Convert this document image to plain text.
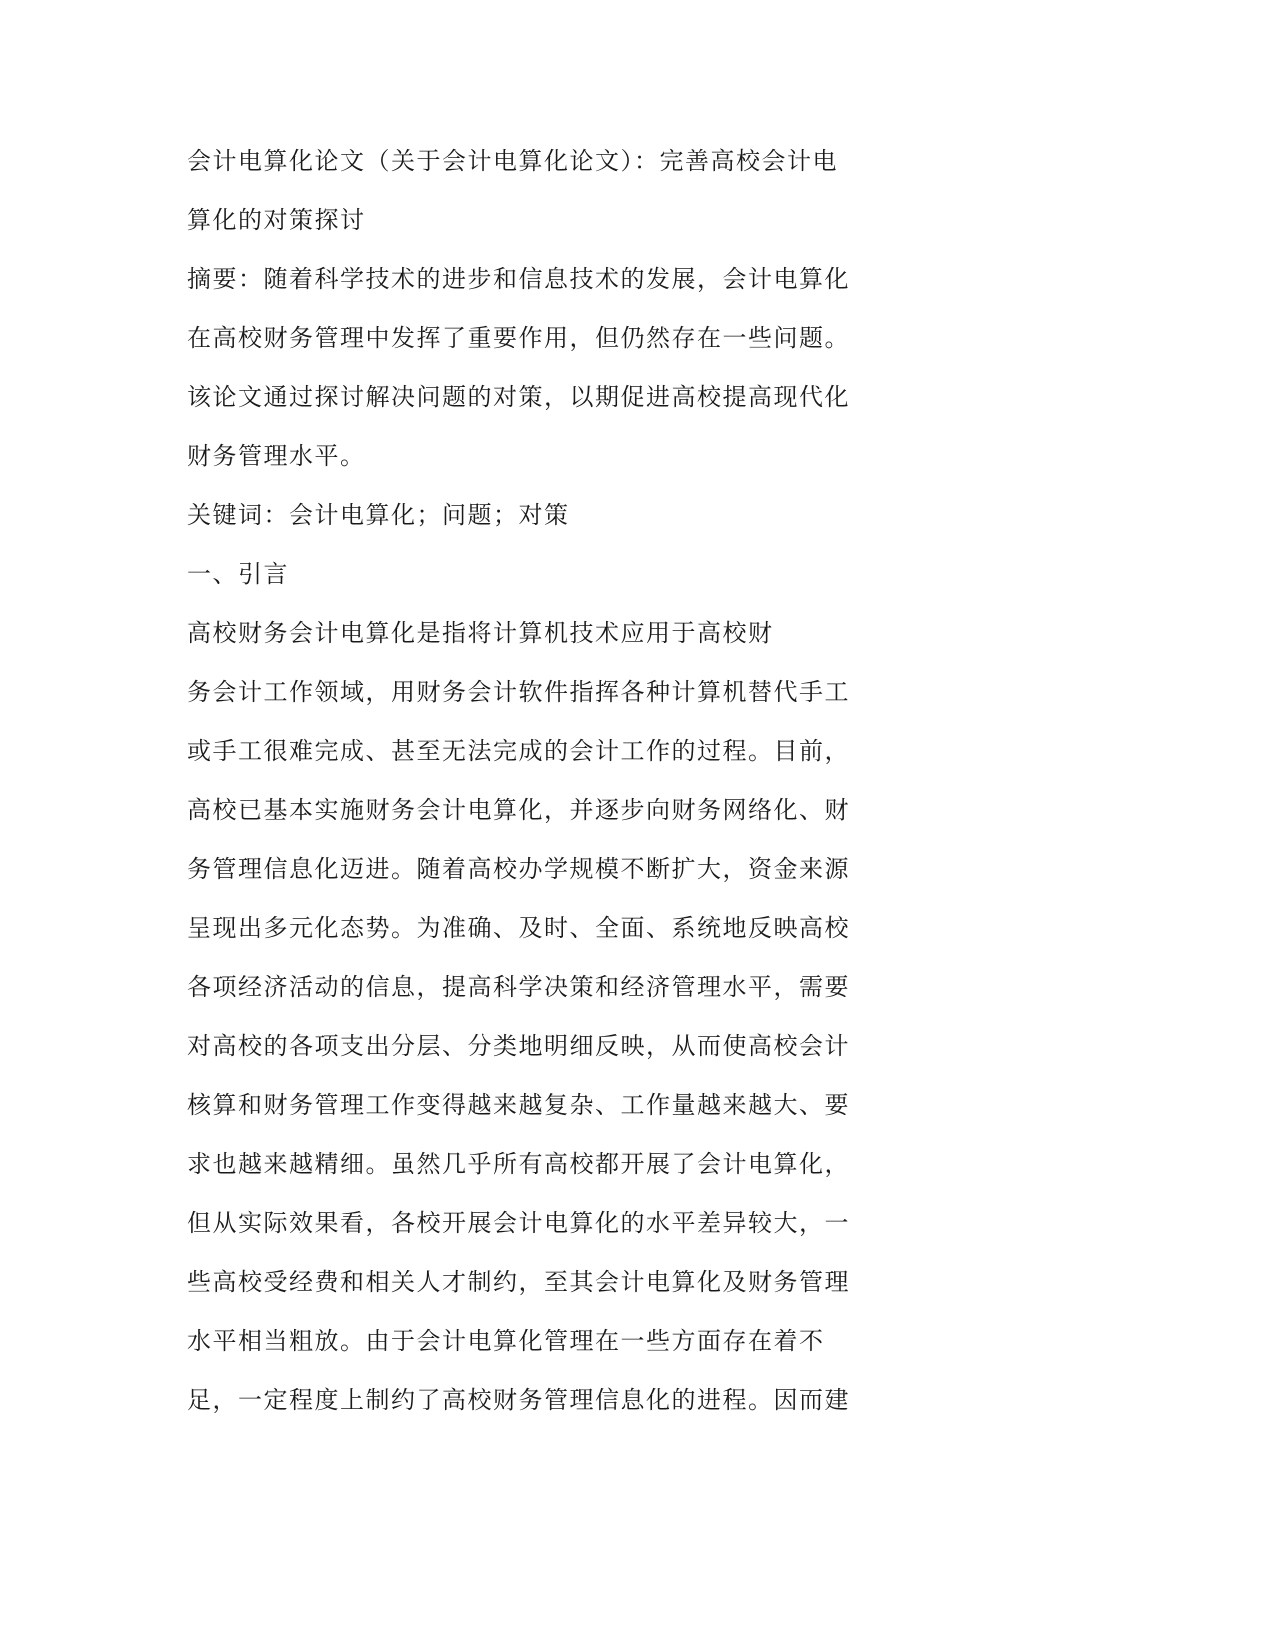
会计电算化论文（关于会计电算化论文）：完善高校会计电
算化的对策探讨
摘要：随着科学技术的进步和信息技术的发展，会计电算化
在高校财务管理中发挥了重要作用，但仍然存在一些问题。
该论文通过探讨解决问题的对策，以期促进高校提高现代化
财务管理水平。
关键词：会计电算化；问题；对策
一、引言
高校财务会计电算化是指将计算机技术应用于高校财
务会计工作领域，用财务会计软件指挥各种计算机替代手工
或手工很难完成、甚至无法完成的会计工作的过程。目前，
高校已基本实施财务会计电算化，并逐步向财务网络化、财
务管理信息化迈进。随着高校办学规模不断扩大，资金来源
呈现出多元化态势。为准确、及时、全面、系统地反映高校
各项经济活动的信息，提高科学决策和经济管理水平，需要
对高校的各项支出分层、分类地明细反映，从而使高校会计
核算和财务管理工作变得越来越复杂、工作量越来越大、要
求也越来越精细。虽然几乎所有高校都开展了会计电算化，
但从实际效果看，各校开展会计电算化的水平差异较大，一
些高校受经费和相关人才制约，至其会计电算化及财务管理
水平相当粗放。由于会计电算化管理在一些方面存在着不
足，一定程度上制约了高校财务管理信息化的进程。因而建
